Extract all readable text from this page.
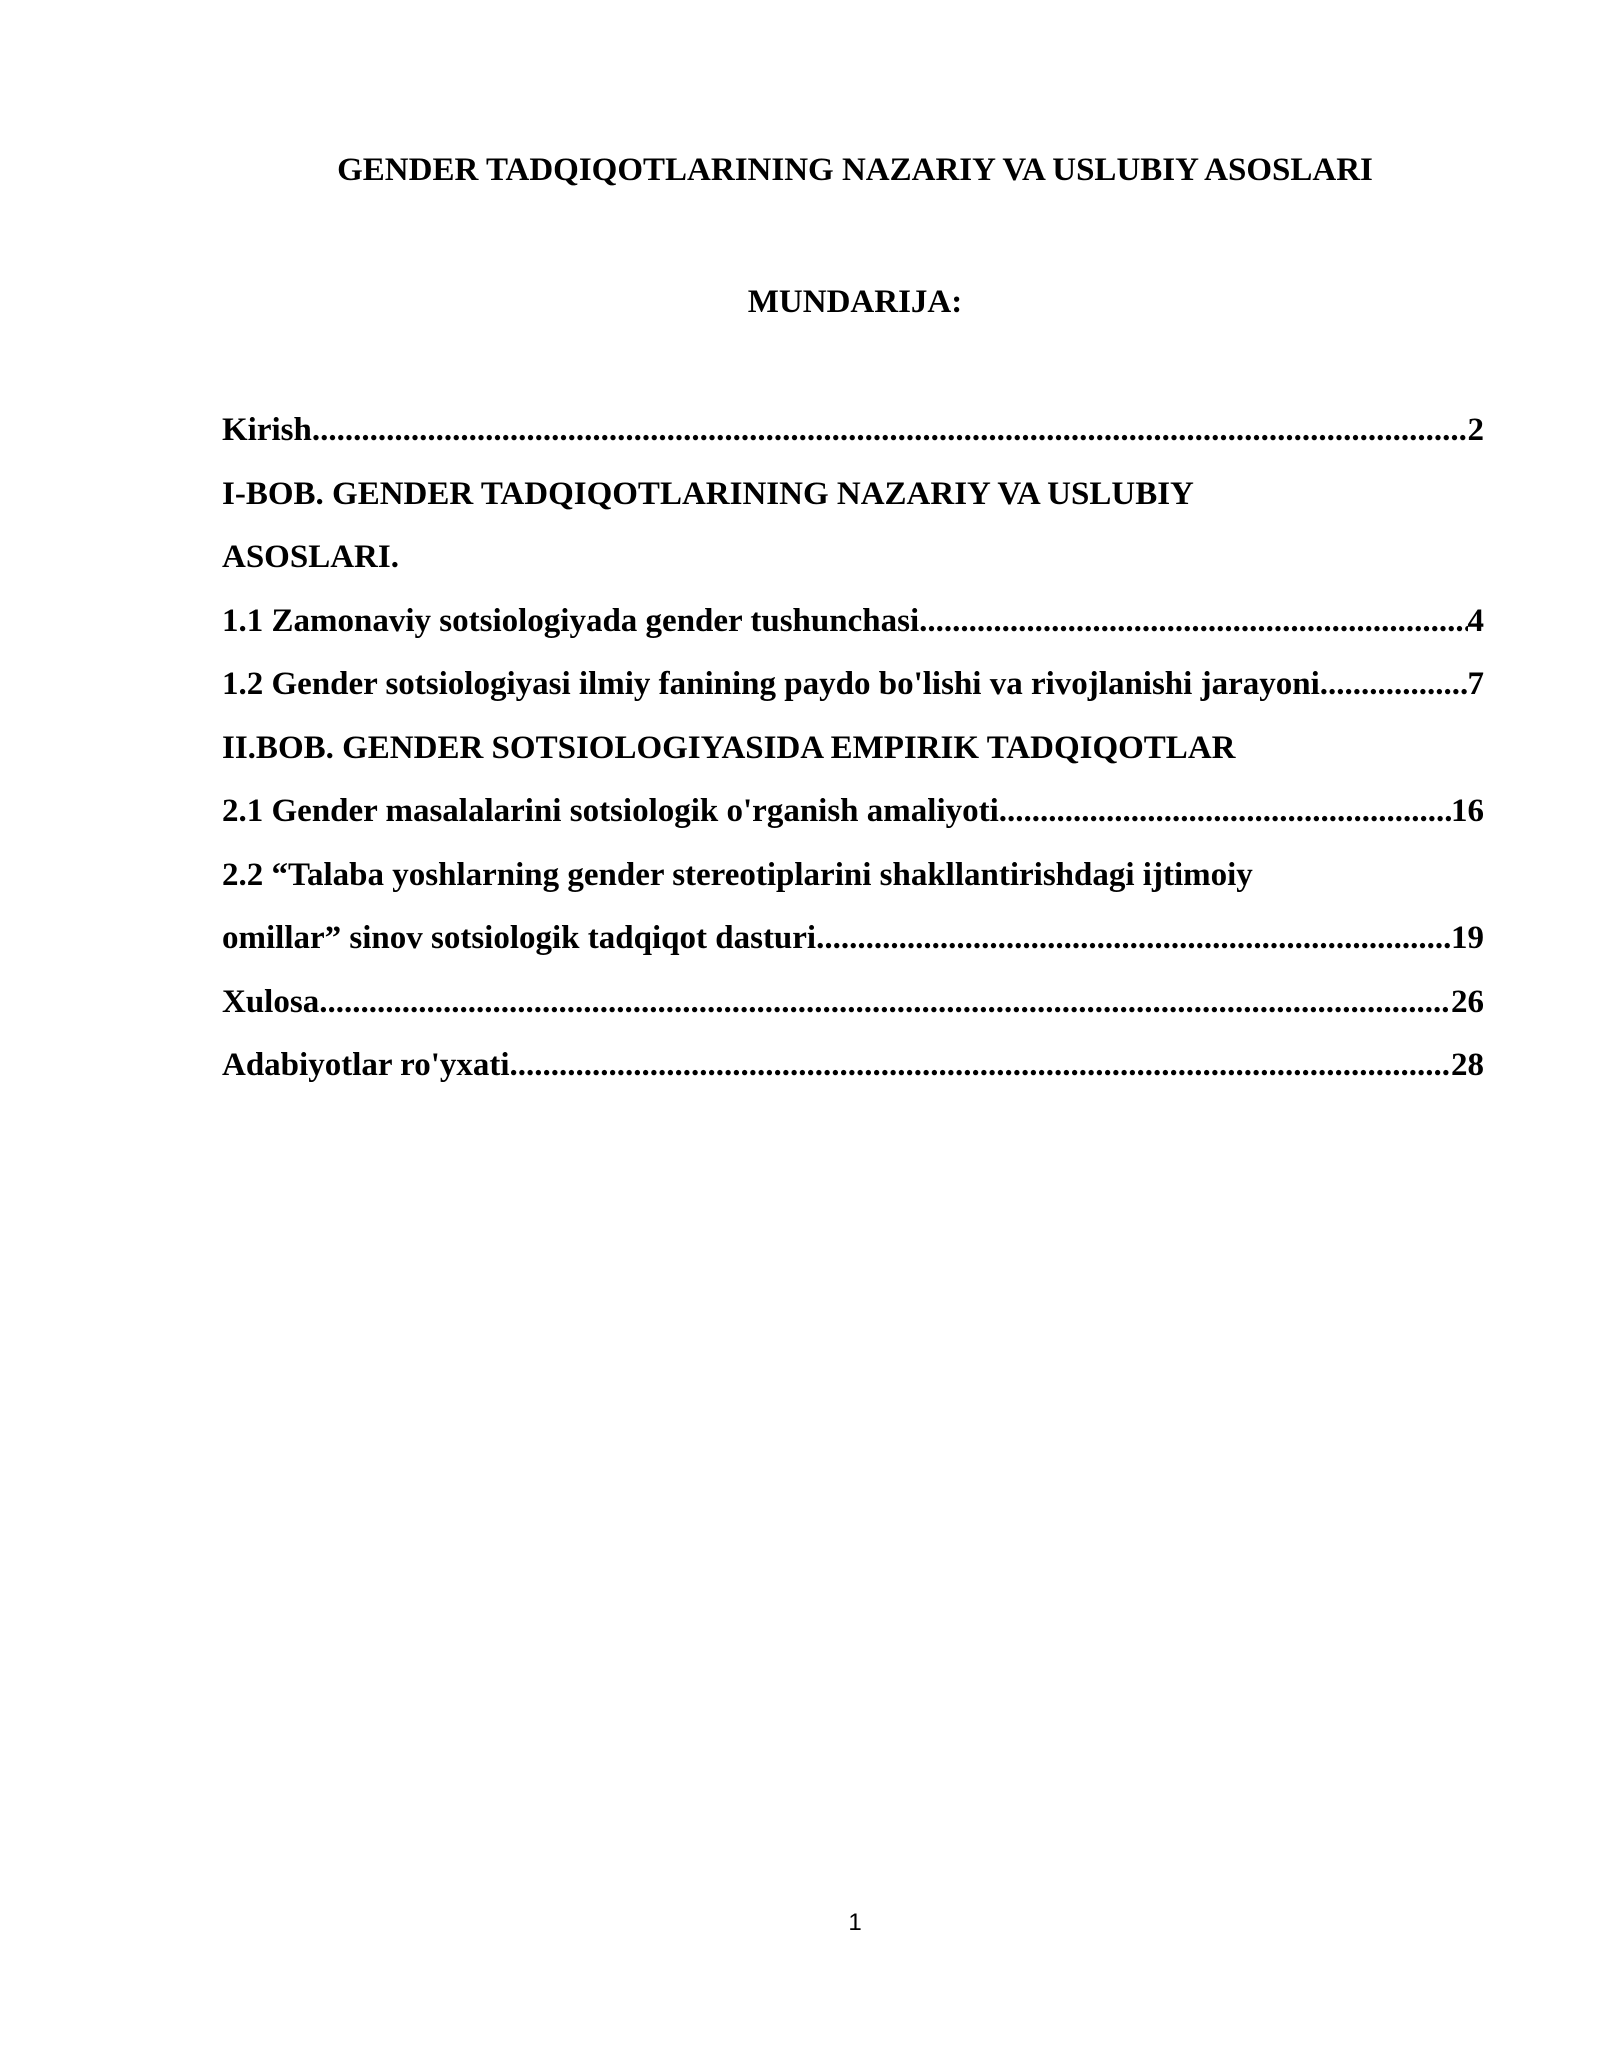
GENDER TADQIQOTLARINING NAZARIY VA USLUBIY ASOSLARI
MUNDARIJA:
Kirish .....	2
I-BOB. GENDER TADQIQOTLARINING NAZARIY VA USLUBIY
ASOSLARI.
1.1 Zamonaviy sotsiologiyada gender tushunchasi .....	4
1.2 Gender sotsiologiyasi ilmiy fanining paydo bo'lishi va rivojlanishi jarayoni .....	7
II.BOB. GENDER SOTSIOLOGIYASIDA EMPIRIK TADQIQOTLAR
2.1 Gender masalalarini sotsiologik o'rganish amaliyoti .....	16
2.2 “Talaba yoshlarning gender stereotiplarini shakllantirishdagi ijtimoiy
omillar” sinov sotsiologik tadqiqot dasturi .....	19
Xulosa .....	26
Adabiyotlar ro'yxati .....	28
1
